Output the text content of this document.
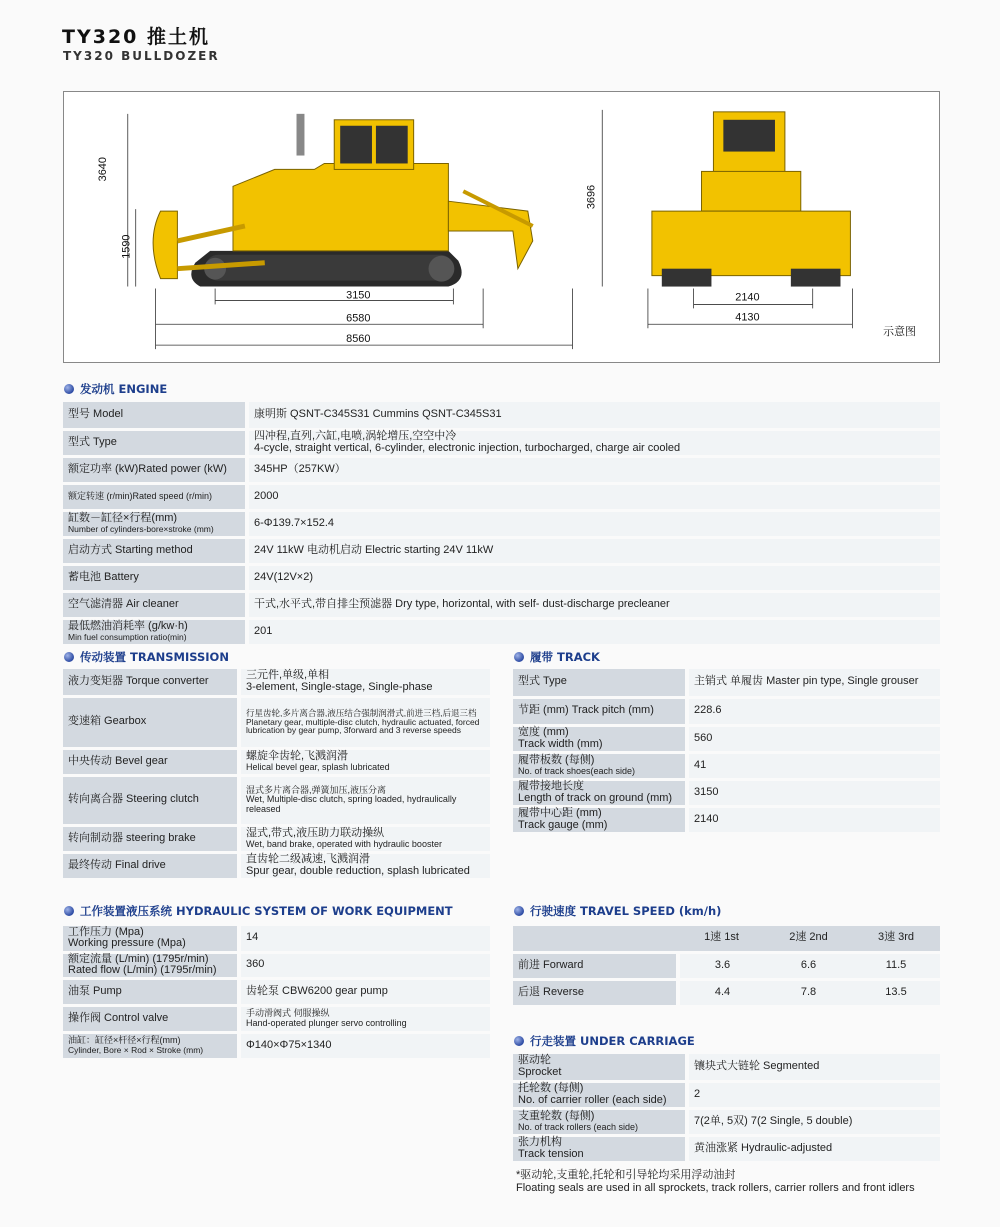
TY320 推土机
TY320 BULLDOZER
3640
1590
3696
3150
6580
8560
2140
4130
示意图
发动机 ENGINE
型号 Model	康明斯 QSNT-C345S31 Cummins QSNT-C345S31
型式 Type	四冲程,直列,六缸,电喷,涡轮增压,空空中冷
4-cycle, straight vertical, 6-cylinder, electronic injection, turbocharged, charge air cooled

额定功率 (kW)Rated power (kW)	345HP（257KW）
额定转速 (r/min)Rated speed (r/min)	2000

缸数－缸径×行程(mm)
Number of cylinders-bore×stroke (mm)	6-Φ139.7×152.4
启动方式 Starting method	24V 11kW 电动机启动 Electric starting 24V 11kW
蓄电池 Battery	24V(12V×2)
空气滤清器 Air cleaner	干式,水平式,带自排尘预滤器 Dry type, horizontal, with self- dust-discharge precleaner

最低燃油消耗率 (g/kw·h)
Min fuel consumption ratio(min)	201
传动装置 TRANSMISSION
液力变矩器 Torque converter	三元件,单级,单相
3-element, Single-stage, Single-phase

变速箱 Gearbox	行星齿轮,多片离合器,液压结合强制润滑式,前进三档,后退三档
Planetary gear, multiple-disc clutch, hydraulic actuated, forced lubrication by gear pump, 3forward and 3 reverse speeds

中央传动 Bevel gear	螺旋伞齿轮,飞溅润滑
Helical bevel gear, splash lubricated

转向离合器 Steering clutch	湿式多片离合器,弹簧加压,液压分离
Wet, Multiple-disc clutch, spring loaded, hydraulically released

转向制动器 steering brake	湿式,带式,液压助力联动操纵
Wet, band brake, operated with hydraulic booster

最终传动 Final drive	直齿轮二级减速,飞溅润滑
Spur gear, double reduction, splash lubricated
履带 TRACK
型式 Type	主销式 单履齿 Master pin type, Single grouser
节距 (mm) Track pitch (mm)	228.6

宽度 (mm)
Track width (mm)	560

履带板数 (每侧)
No. of track shoes(each side)	41

履带接地长度
Length of track on ground (mm)	3150

履带中心距 (mm)
Track gauge (mm)	2140
工作装置液压系统 HYDRAULIC SYSTEM OF WORK EQUIPMENT
工作压力 (Mpa)
Working pressure (Mpa)	14

额定流量 (L/min) (1795r/min)
Rated flow (L/min) (1795r/min)	360
油泵 Pump	齿轮泵 CBW6200 gear pump
操作阀 Control valve	手动滑阀式 伺服操纵
Hand-operated plunger servo controlling

油缸：缸径×杆径×行程(mm)
Cylinder, Bore × Rod × Stroke (mm)	Φ140×Φ75×1340
行驶速度 TRAVEL SPEED (km/h)
	1速 1st	2速 2nd	3速 3rd
前进 Forward	3.6	6.6	11.5
后退 Reverse	4.4	7.8	13.5
行走装置 UNDER CARRIAGE
驱动轮
Sprocket	镶块式大链轮 Segmented

托轮数 (每侧)
No. of carrier roller (each side)	2

支重轮数 (每侧)
No. of track rollers (each side)	7(2单, 5双) 7(2 Single, 5 double)

张力机构
Track tension	黄油涨紧 Hydraulic-adjusted
*驱动轮,支重轮,托轮和引导轮均采用浮动油封
Floating seals are used in all sprockets, track rollers, carrier rollers and front idlers
